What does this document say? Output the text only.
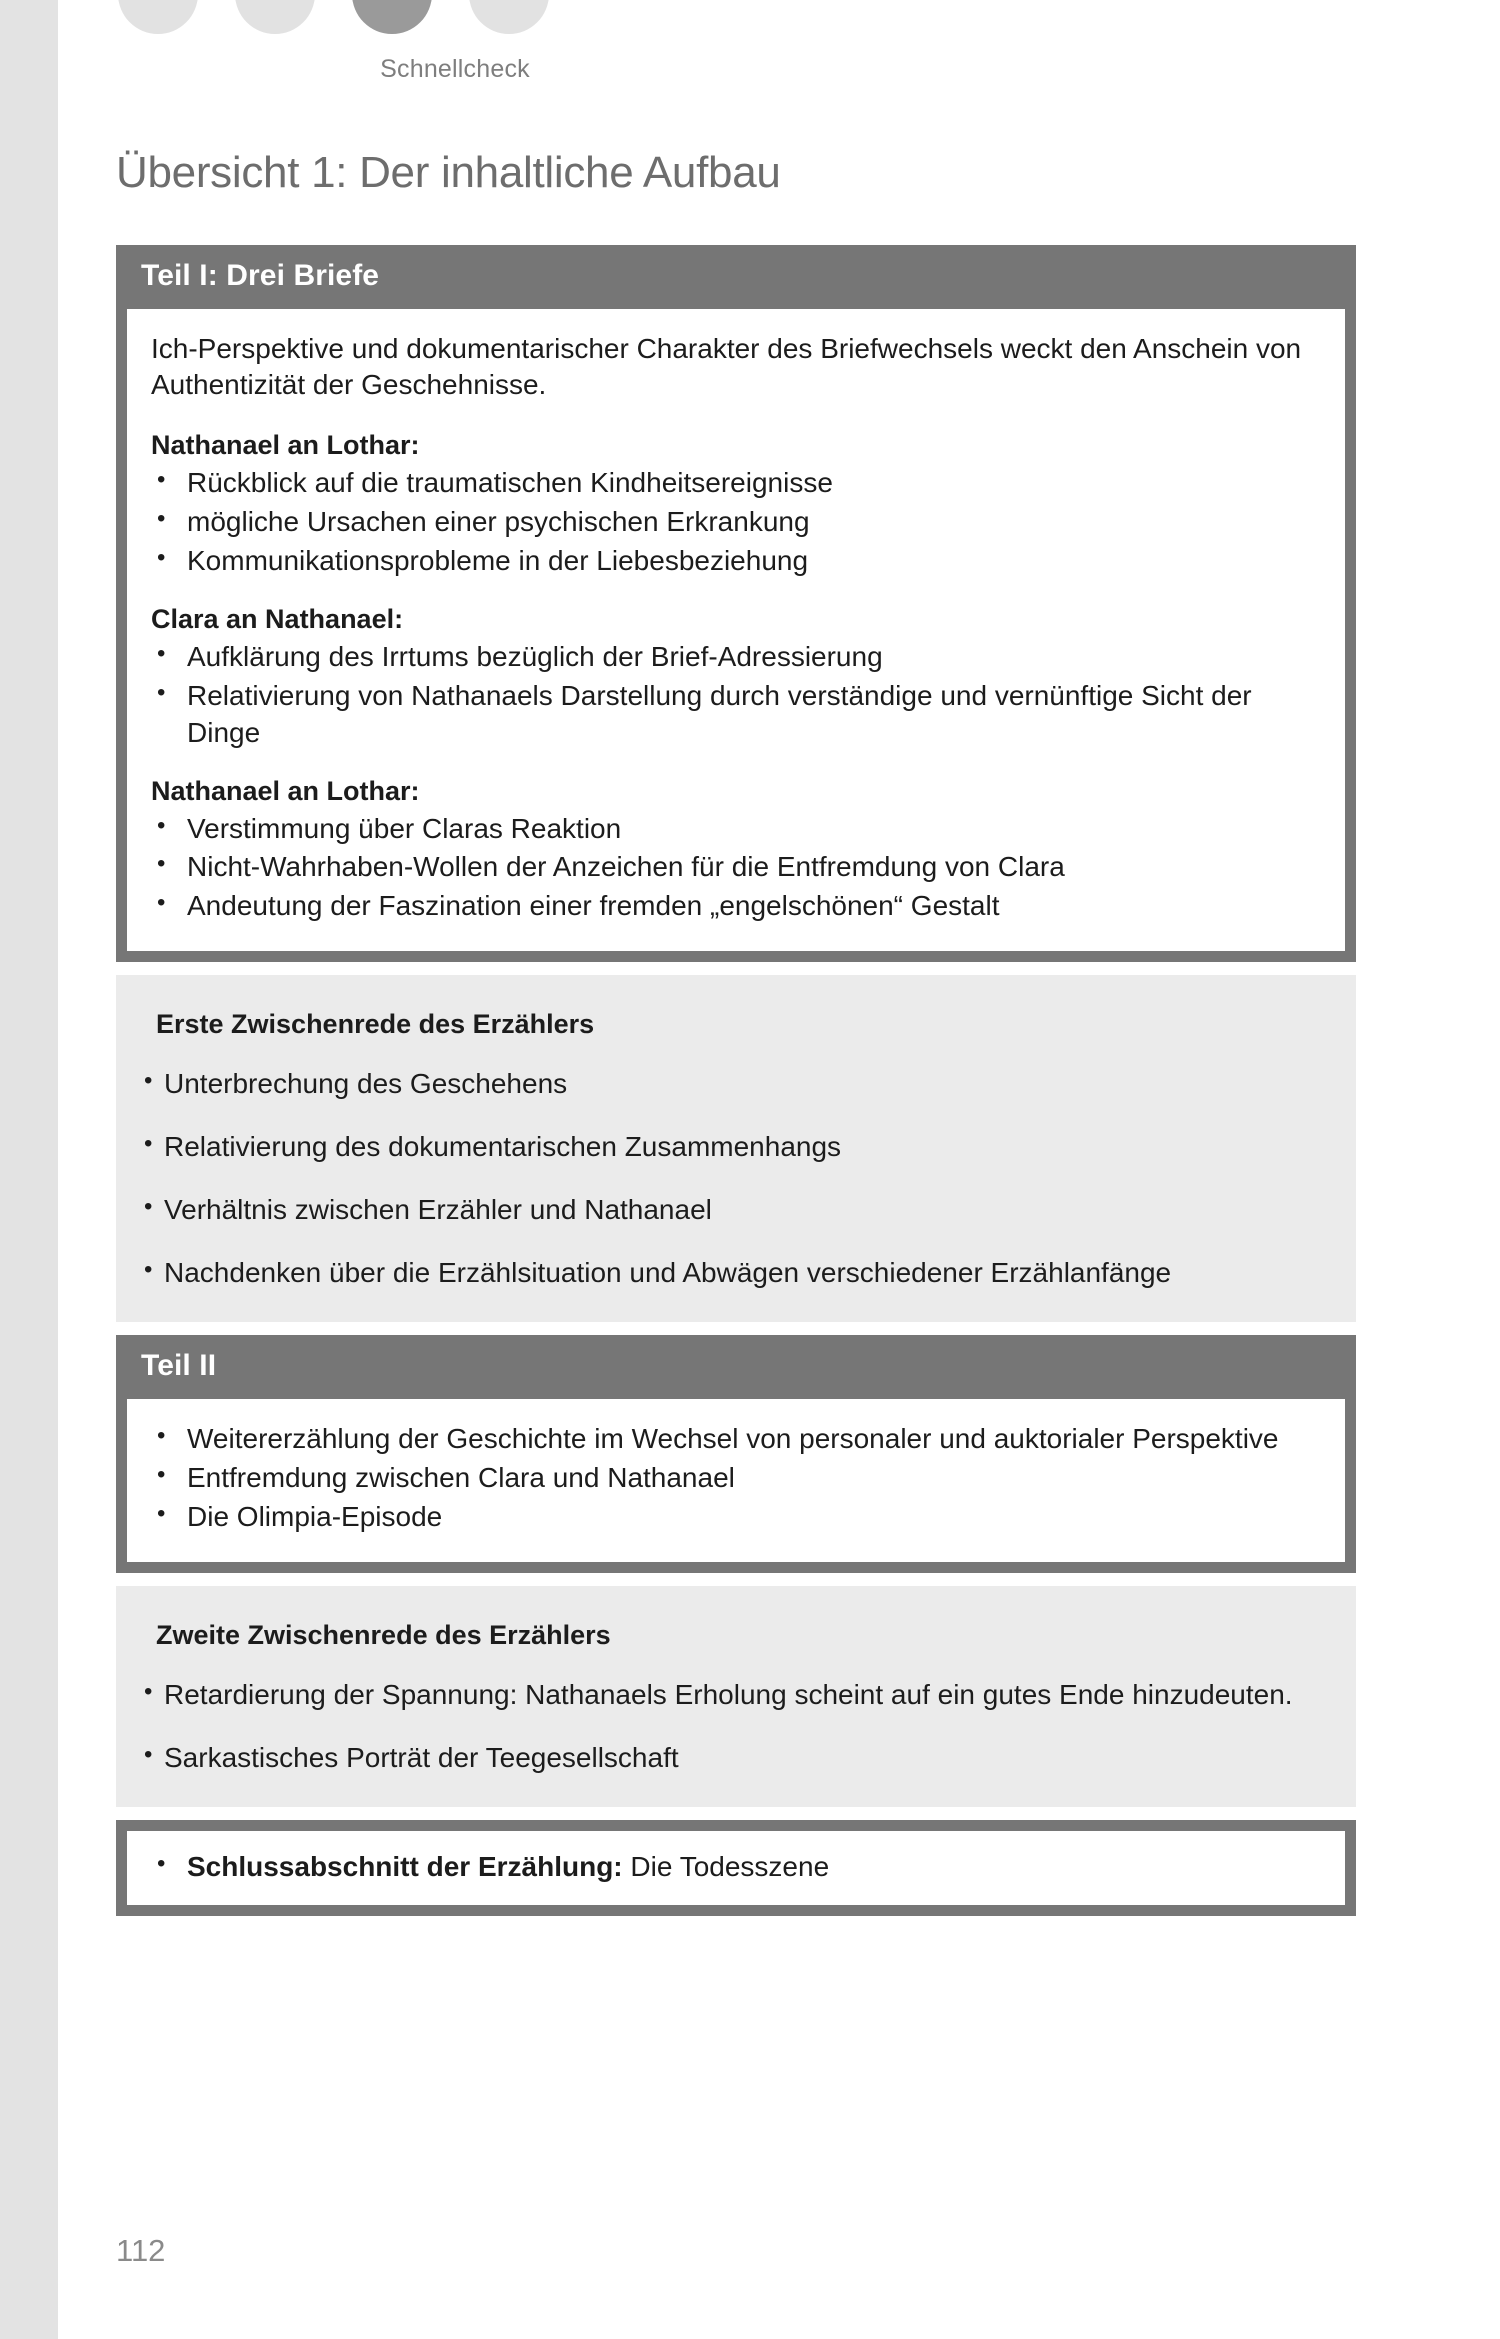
Schnellcheck
Übersicht 1: Der inhaltliche Aufbau
Teil I: Drei Briefe
Ich-Perspektive und dokumentarischer Charakter des Briefwechsels weckt den Anschein von Authentizität der Geschehnisse.
Nathanael an Lothar:
• Rückblick auf die traumatischen Kindheitsereignisse
• mögliche Ursachen einer psychischen Erkrankung
• Kommunikationsprobleme in der Liebesbeziehung
Clara an Nathanael:
• Aufklärung des Irrtums bezüglich der Brief-Adressierung
• Relativierung von Nathanaels Darstellung durch verständige und vernünftige Sicht der Dinge
Nathanael an Lothar:
• Verstimmung über Claras Reaktion
• Nicht-Wahrhaben-Wollen der Anzeichen für die Entfremdung von Clara
• Andeutung der Faszination einer fremden „engelschönen“ Gestalt
Erste Zwischenrede des Erzählers
• Unterbrechung des Geschehens
• Relativierung des dokumentarischen Zusammenhangs
• Verhältnis zwischen Erzähler und Nathanael
• Nachdenken über die Erzählsituation und Abwägen verschiedener Erzählanfänge
Teil II
• Weitererzählung der Geschichte im Wechsel von personaler und auktorialer Perspektive
• Entfremdung zwischen Clara und Nathanael
• Die Olimpia-Episode
Zweite Zwischenrede des Erzählers
• Retardierung der Spannung: Nathanaels Erholung scheint auf ein gutes Ende hinzudeuten.
• Sarkastisches Porträt der Teegesellschaft
• Schlussabschnitt der Erzählung: Die Todesszene
112
